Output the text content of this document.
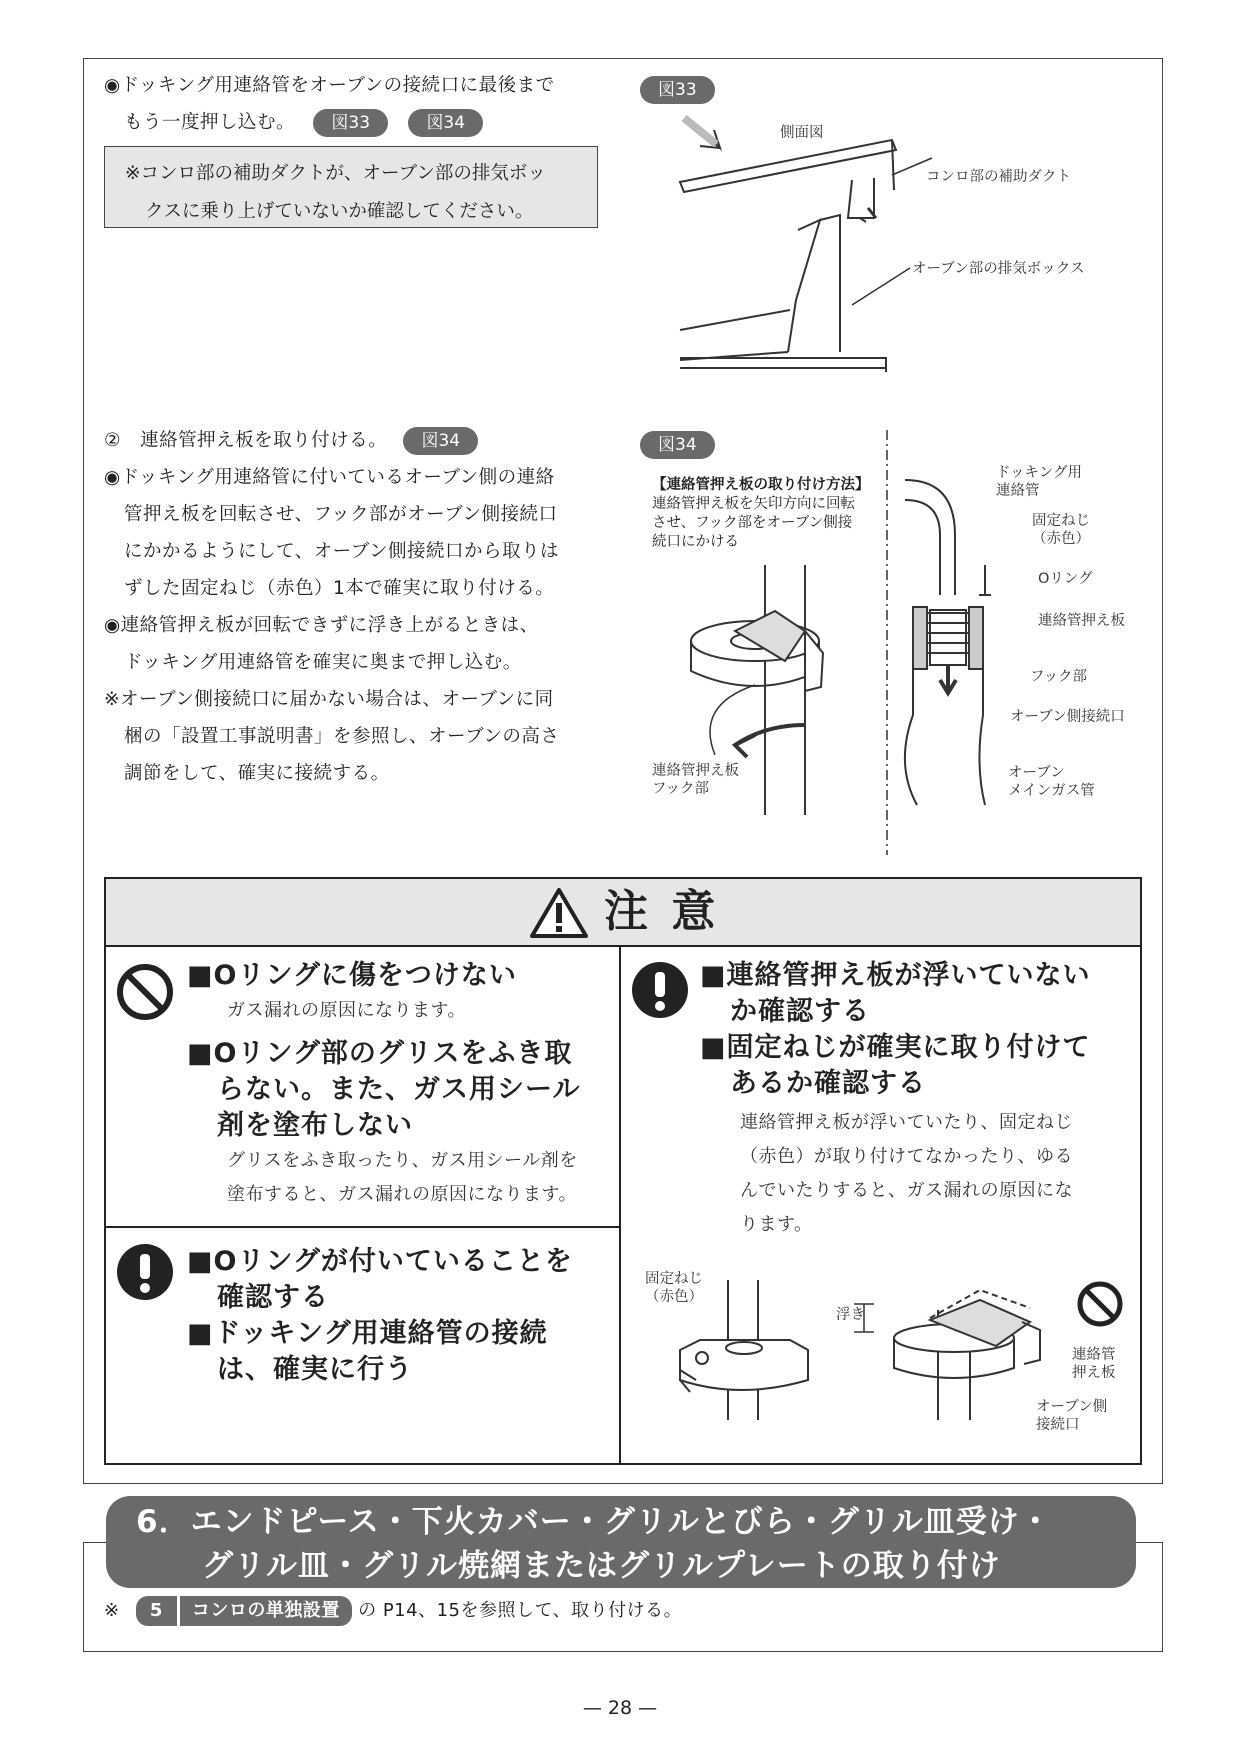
◉ドッキング用連絡管をオーブンの接続口に最後まで
もう一度押し込む。 図33	図34
※コンロ部の補助ダクトが、オーブン部の排気ボッ
クスに乗り上げていないか確認してください。
図33
側面図
コンロ部の補助ダクト
オーブン部の排気ボックス
②　連絡管押え板を取り付ける。 図34
◉ドッキング用連絡管に付いているオーブン側の連絡
管押え板を回転させ、フック部がオーブン側接続口
にかかるようにして、オーブン側接続口から取りは
ずした固定ねじ（赤色）1本で確実に取り付ける。
◉連絡管押え板が回転できずに浮き上がるときは、
ドッキング用連絡管を確実に奥まで押し込む。
※オーブン側接続口に届かない場合は、オーブンに同
梱の「設置工事説明書」を参照し、オーブンの高さ
調節をして、確実に接続する。
図34
【連絡管押え板の取り付け方法】
連絡管押え板を矢印方向に回転
させ、フック部をオーブン側接
続口にかける
連絡管押え板
フック部
ドッキング用
連絡管
固定ねじ
（赤色）
Oリング
連絡管押え板
フック部
オーブン側接続口
オーブン
メインガス管
注 意
■Oリングに傷をつけない
ガス漏れの原因になります。
■Oリング部のグリスをふき取
らない。また、ガス用シール
剤を塗布しない
グリスをふき取ったり、ガス用シール剤を
塗布すると、ガス漏れの原因になります。
■連絡管押え板が浮いていない
か確認する
■固定ねじが確実に取り付けて
あるか確認する
連絡管押え板が浮いていたり、固定ねじ
（赤色）が取り付けてなかったり、ゆる
んでいたりすると、ガス漏れの原因にな
ります。
■Oリングが付いていることを
確認する
■ドッキング用連絡管の接続
は、確実に行う
固定ねじ
（赤色）
浮き
連絡管
押え板
オーブン側
接続口
6．エンドピース・下火カバー・グリルとびら・グリル皿受け・
グリル皿・グリル焼網またはグリルプレートの取り付け
※ 5 コンロの単独設置 の P14、15を参照して、取り付ける。
— 28 —
